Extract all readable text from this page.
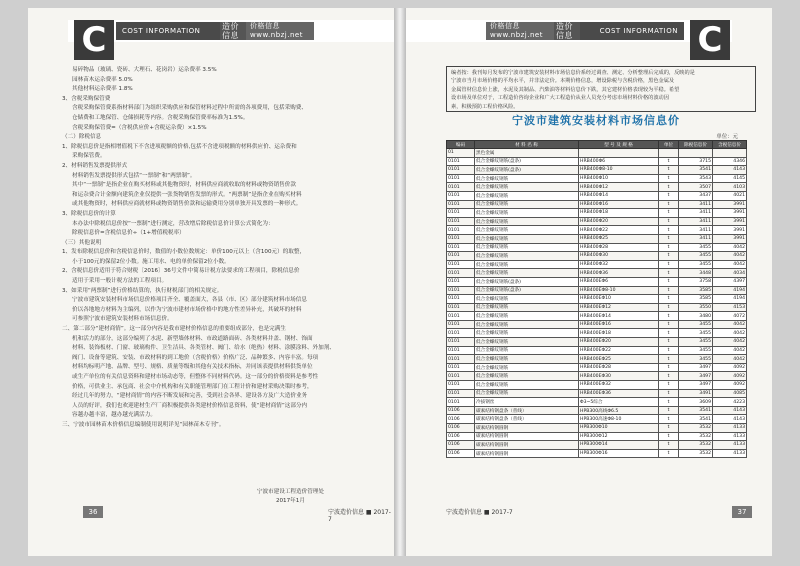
C	COST INFORMATION	造价信息
价格信息 www.nbzj.net

易碎物品（玻璃、瓷砖、大理石、花岗岩）运杂费率 3.5%

园林苗木运杂费率 5.0%

其他材料运杂费率 1.8%

3、含税采购保管费

含税采购保管费系指材料部门为组织采购供应和保管材料过程中所需的各项费用，包括采购费、

仓储费和工地保管、仓储损耗等内容。含税采购保管费率标准为1.5%。

含税采购保管费=（含税供应价+含税运杂费）×1.5%

（二）除税信息

1、除税信息价是指相增值税下不含进项税额的价格,包括不含进项税额的材料供应价、运杂费和

采购保管费。

2、材料销售发票提供形式

材料销售发票提供形式包括“一票制”和“两票制”。

其中“一票制”是指企业在购买材料或其他物资时，材料供应商就收取的材料或物资销售价款

和运杂费合计金额向建筑企业仅提供一张货物销售发票的形式。“两票制”是指企业在购买材料

或其他物资时，材料供应商就材料或物资销售价款和运输费用分别单独开具发票的一种形式。

3、除税信息价的计算

本办法中除税信息价按“一票制”进行测定，营改增后除税信息价计算公式简化为：

除税信息价=含税信息价÷（1+增值税税率）

（三）其他说明

1、发布除税信息价和含税信息价时，数值的小数位数规定：单价100元以上（含100元）的取整，

小于100元的保留2位小数。施工用水、电的单价保留2位小数。

2、含税信息价适用于符合财税〔2016〕36号文件中简易计税方法要求的工程项目，除税信息价

适用于采用一般计税方法的工程项目。

3、如采用“两票制”进行价格结算的，执行财税部门的相关规定。

宁波市建筑安装材料市场信息价格项目齐全、覆盖面大，各县（市、区）部分建筑材料市场信息

价以各地地方材料为主编列，以作为宁波市建材市场价格中的地方性差异补充，其破坏的材料

可参照宁波市建筑安装材料市场信息价。

二、第二部分“建材商情”。这一部分内容是我市建材价格信息的重要组成部分，也是完满生

机和活力的部分，这部分编列了水泥、新型墙体材料、市政道路面砖、各类材料井盖、钢材、饰面

材料、装饰板材、门窗、玻璃构件、卫生洁具、各类管材、阀门、给水（绝热）材料、涂膜涂料、外加剂、

阀门、设备等建筑、安装、市政材料的到工地价（含税价格）价格广泛、品种繁多、内容丰富。每项

材料均标明产地、品牌、型号、规格、质量等级和其他有关技术指标，并同该表提供材料供货单位

或生产单位的有关信息资料和建材市场动态等，但整体不同材料代码。这一部分的价格资料是参考性

价格，可供业主、承包商、社会中介机构和有关职能管理部门在工程计价和建材采购决策时参考，

经过几年的努力，“建材商情”的内容不断发展和完善，受到社会各界、建设各方及广大造价业务

人员的好评，我们也欢迎建材生产厂商积极提供各类建材价格信息资料，使“建材商情”这部分内

容越办越丰富，越办越充满活力。

三、宁波市园林苗木价格信息编制使用说明详见“园林苗木专刊”。

宁波市建设工程造价管理处
2017年1月
36	宁波造价信息 ■ 2017-7
C
COST INFORMATION
造价信息
价格信息 www.nbzj.net

编者按：我刊每月发布的宁波市建筑安装材料市场信息价系经过调查、测定、分析整理后完成的，反映的是

宁波市当月市场价格的平均水平，并非法定价。本期价格信息，增设除税与含税价格，黑色金属及

金属管材信息价上涨，水泥及其制品、汽柴油等材料信息价下跌，其它建材价格表现较为平稳。希望

设市场及单位对于，工程造价咨询企业和广大工程造价从业人员充分考虑市场材料价格的波动因

素，积极预防工程价格风险。

宁波市建筑安装材料市场信息价
单位：元
编码	材 料 名 称	型 号 及 规 格	单位	除税信息价	含税信息价
01	黑色金属				
0101	低合金螺纹钢筋(盘条)	HRB400Φ6	t	3715	4346
0101	低合金螺纹钢筋(盘条)	HRB400Φ8-10	t	3541	4143
0101	低合金螺纹钢筋	HRB400Φ10	t	3543	4145
0101	低合金螺纹钢筋	HRB400Φ12	t	3507	4103
0101	低合金螺纹钢筋	HRB400Φ14	t	3437	4021
0101	低合金螺纹钢筋	HRB400Φ16	t	3411	3991
0101	低合金螺纹钢筋	HRB400Φ18	t	3411	3991
0101	低合金螺纹钢筋	HRB400Φ20	t	3411	3991
0101	低合金螺纹钢筋	HRB400Φ22	t	3411	3991
0101	低合金螺纹钢筋	HRB400Φ25	t	3411	3991
0101	低合金螺纹钢筋	HRB400Φ28	t	3455	4042
0101	低合金螺纹钢筋	HRB400Φ30	t	3455	4042
0101	低合金螺纹钢筋	HRB400Φ32	t	3455	4042
0101	低合金螺纹钢筋	HRB400Φ36	t	3448	4034
0101	低合金螺纹钢筋(盘条)	HRB400EΦ6	t	3758	4397
0101	低合金螺纹钢筋(盘条)	HRB400EΦ8-10	t	3585	4194
0101	低合金螺纹钢筋	HRB400EΦ10	t	3585	4194
0101	低合金螺纹钢筋	HRB400EΦ12	t	3550	4153
0101	低合金螺纹钢筋	HRB400EΦ14	t	3480	4072
0101	低合金螺纹钢筋	HRB400EΦ16	t	3455	4042
0101	低合金螺纹钢筋	HRB400EΦ18	t	3455	4042
0101	低合金螺纹钢筋	HRB400EΦ20	t	3455	4042
0101	低合金螺纹钢筋	HRB400EΦ22	t	3455	4042
0101	低合金螺纹钢筋	HRB400EΦ25	t	3455	4042
0101	低合金螺纹钢筋	HRB400EΦ28	t	3497	4092
0101	低合金螺纹钢筋	HRB400EΦ30	t	3497	4092
0101	低合金螺纹钢筋	HRB400EΦ32	t	3497	4092
0101	低合金螺纹钢筋	HRB400EΦ36	t	3491	4085
0101	冷拔钢丝	Φ3~5综合	t	3609	4223
0106	碳素结构钢盘条（普线）	HPB300高线Φ6.5	t	3541	4143
0106	碳素结构钢盘条（普线）	HPB300高速Φ8-10	t	3541	4143
0106	碳素结构钢圆钢	HPB300Φ10	t	3532	4133
0106	碳素结构钢圆钢	HPB300Φ12	t	3532	4133
0106	碳素结构钢圆钢	HPB300Φ14	t	3532	4133
0106	碳素结构钢圆钢	HPB300Φ16	t	3532	4133
37
宁波造价信息 ■ 2017-7
